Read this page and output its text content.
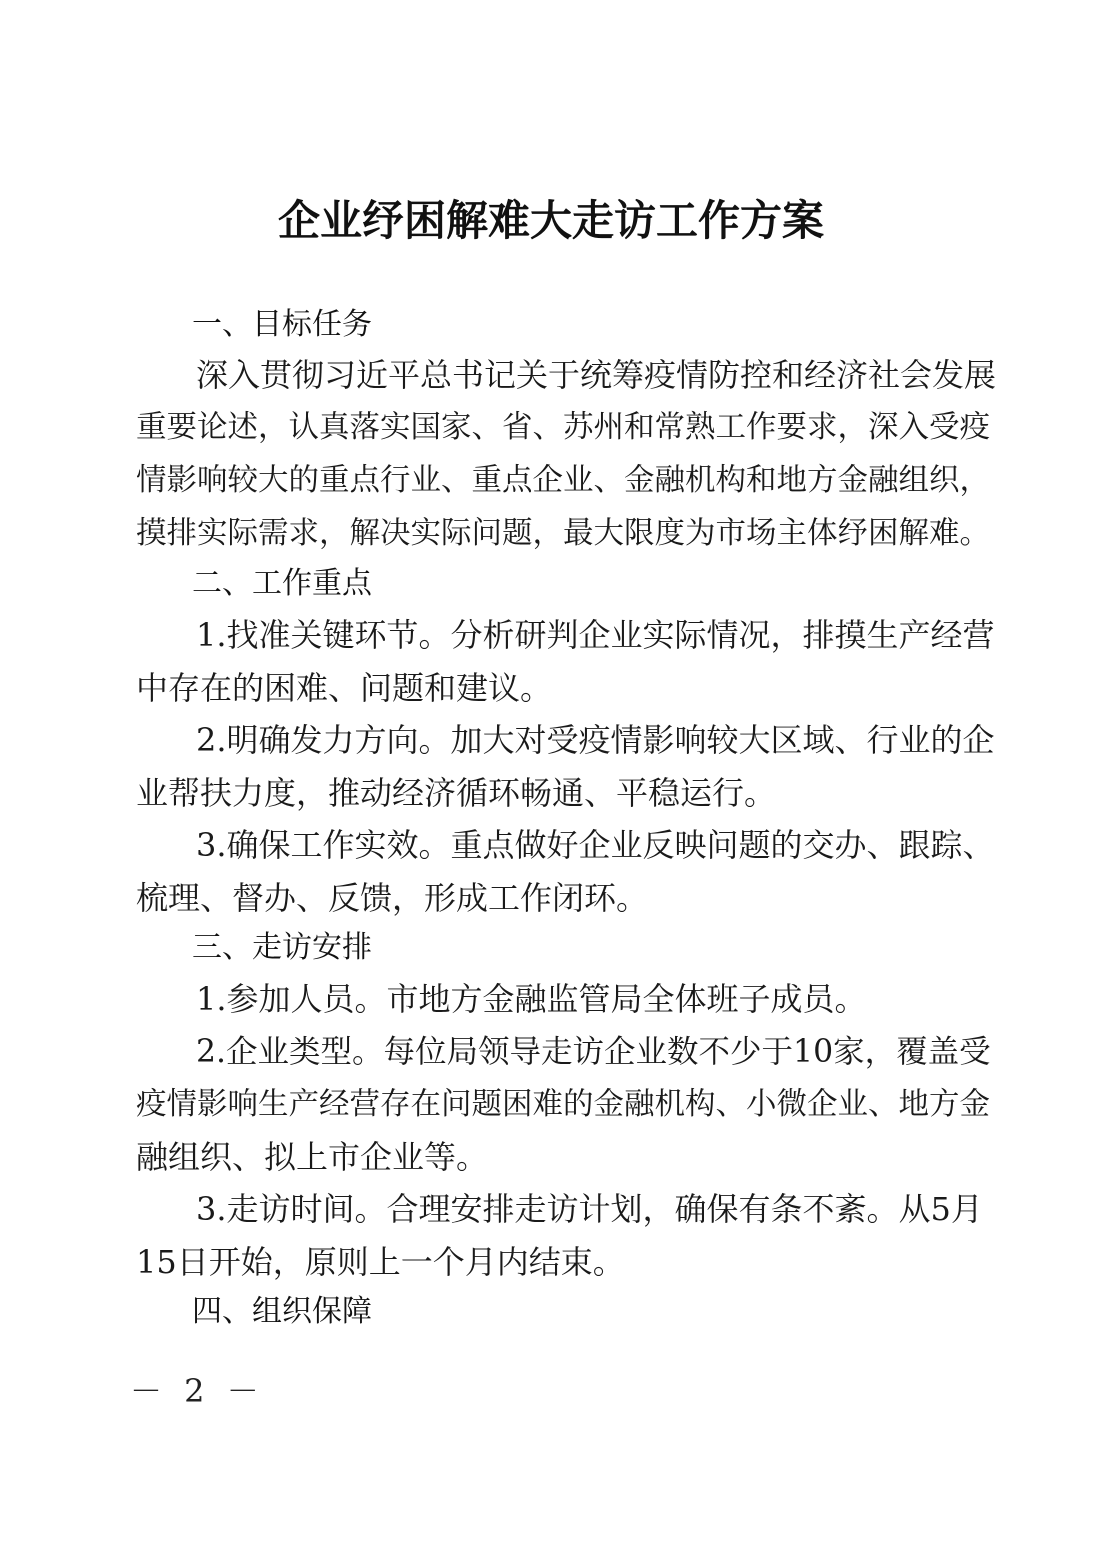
企业纾困解难大走访工作方案
一、目标任务
深入贯彻习近平总书记关于统筹疫情防控和经济社会发展
重要论述，认真落实国家、省、苏州和常熟工作要求，深入受疫
情影响较大的重点行业、重点企业、金融机构和地方金融组织，
摸排实际需求，解决实际问题，最大限度为市场主体纾困解难。
二、工作重点
1.找准关键环节。分析研判企业实际情况，排摸生产经营
中存在的困难、问题和建议。
2.明确发力方向。加大对受疫情影响较大区域、行业的企
业帮扶力度，推动经济循环畅通、平稳运行。
3.确保工作实效。重点做好企业反映问题的交办、跟踪、
梳理、督办、反馈，形成工作闭环。
三、走访安排
1.参加人员。市地方金融监管局全体班子成员。
2.企业类型。每位局领导走访企业数不少于10家，覆盖受
疫情影响生产经营存在问题困难的金融机构、小微企业、地方金
融组织、拟上市企业等。
3.走访时间。合理安排走访计划，确保有条不紊。从5月
15日开始，原则上一个月内结束。
四、组织保障
－ 2 －
